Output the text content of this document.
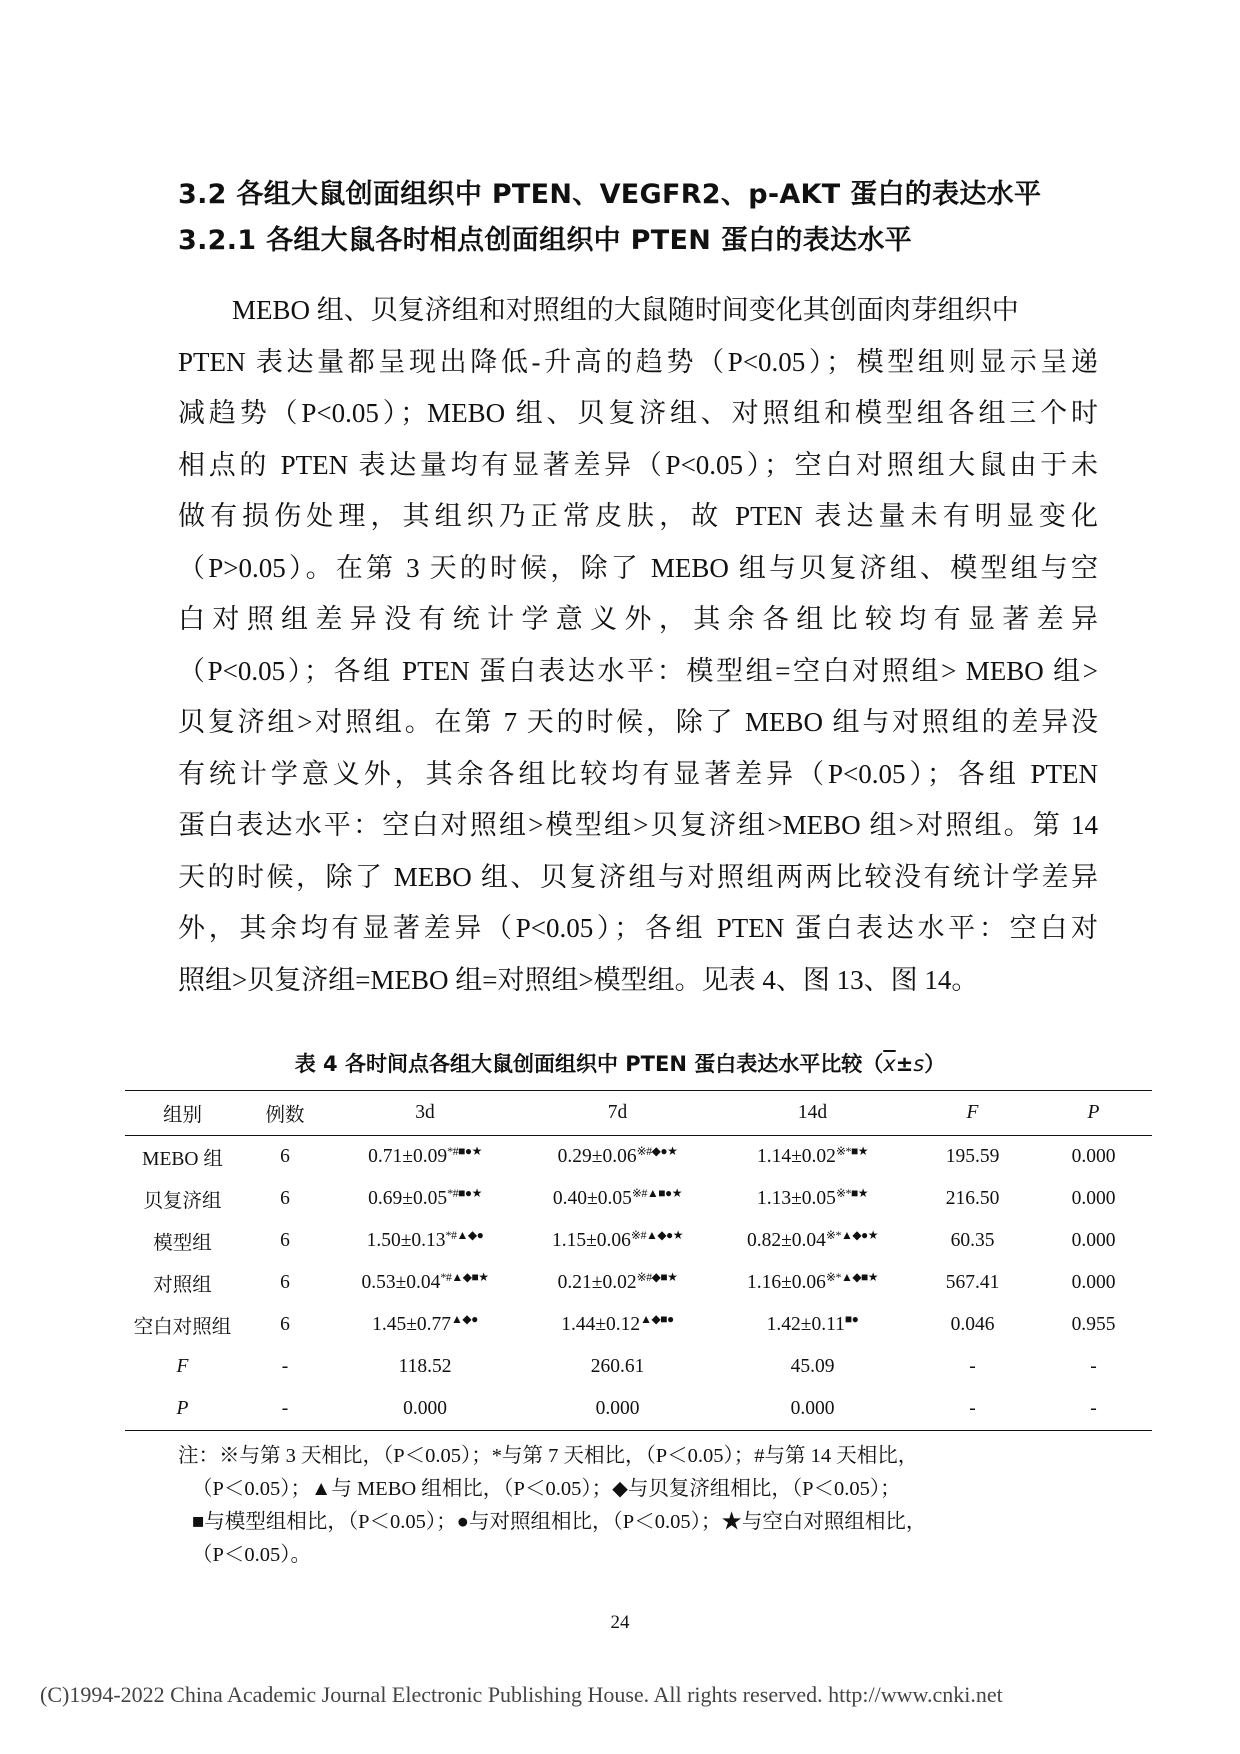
3.2 各组大鼠创面组织中 PTEN、VEGFR2、p-AKT 蛋白的表达水平
3.2.1 各组大鼠各时相点创面组织中 PTEN 蛋白的表达水平
MEBO 组、贝复济组和对照组的大鼠随时间变化其创面肉芽组织中
PTEN 表达量都呈现出降低-升高的趋势（P<0.05）；模型组则显示呈递
减趋势（P<0.05）；MEBO 组、贝复济组、对照组和模型组各组三个时
相点的 PTEN 表达量均有显著差异（P<0.05）；空白对照组大鼠由于未
做有损伤处理，其组织乃正常皮肤，故 PTEN 表达量未有明显变化
（P>0.05）。在第 3 天的时候，除了 MEBO 组与贝复济组、模型组与空
白对照组差异没有统计学意义外，其余各组比较均有显著差异
（P<0.05）；各组 PTEN 蛋白表达水平：模型组=空白对照组> MEBO 组>
贝复济组>对照组。在第 7 天的时候，除了 MEBO 组与对照组的差异没
有统计学意义外，其余各组比较均有显著差异（P<0.05）；各组 PTEN
蛋白表达水平：空白对照组>模型组>贝复济组>MEBO 组>对照组。第 14
天的时候，除了 MEBO 组、贝复济组与对照组两两比较没有统计学差异
外，其余均有显著差异（P<0.05）；各组 PTEN 蛋白表达水平：空白对
照组>贝复济组=MEBO 组=对照组>模型组。见表 4、图 13、图 14。
表 4 各时间点各组大鼠创面组织中 PTEN 蛋白表达水平比较$(\overline{x}\pm s)$
组别	例数	3d	7d	14d	F	P
MEBO 组	6	0.71±0.09*#■●★	0.29±0.06※#◆●★	1.14±0.02※*■★	195.59	0.000
贝复济组	6	0.69±0.05*#■●★	0.40±0.05※#▲■●★	1.13±0.05※*■★	216.50	0.000
模型组	6	1.50±0.13*#▲◆●	1.15±0.06※#▲◆●★	0.82±0.04※*▲◆●★	60.35	0.000
对照组	6	0.53±0.04*#▲◆■★	0.21±0.02※#◆■★	1.16±0.06※*▲◆■★	567.41	0.000
空白对照组	6	1.45±0.77▲◆●	1.44±0.12▲◆■●	1.42±0.11■●	0.046	0.955
F	-	118.52	260.61	45.09	-	-
P	-	0.000	0.000	0.000	-	-
注：※与第 3 天相比，（P＜0.05）；*与第 7 天相比，（P＜0.05）；#与第 14 天相比，
（P＜0.05）；▲与 MEBO 组相比，（P＜0.05）；◆与贝复济组相比，（P＜0.05）；
■与模型组相比，（P＜0.05）；●与对照组相比，（P＜0.05）；★与空白对照组相比，
（P＜0.05）。
24
(C)1994-2022 China Academic Journal Electronic Publishing House. All rights reserved. http://www.cnki.net
